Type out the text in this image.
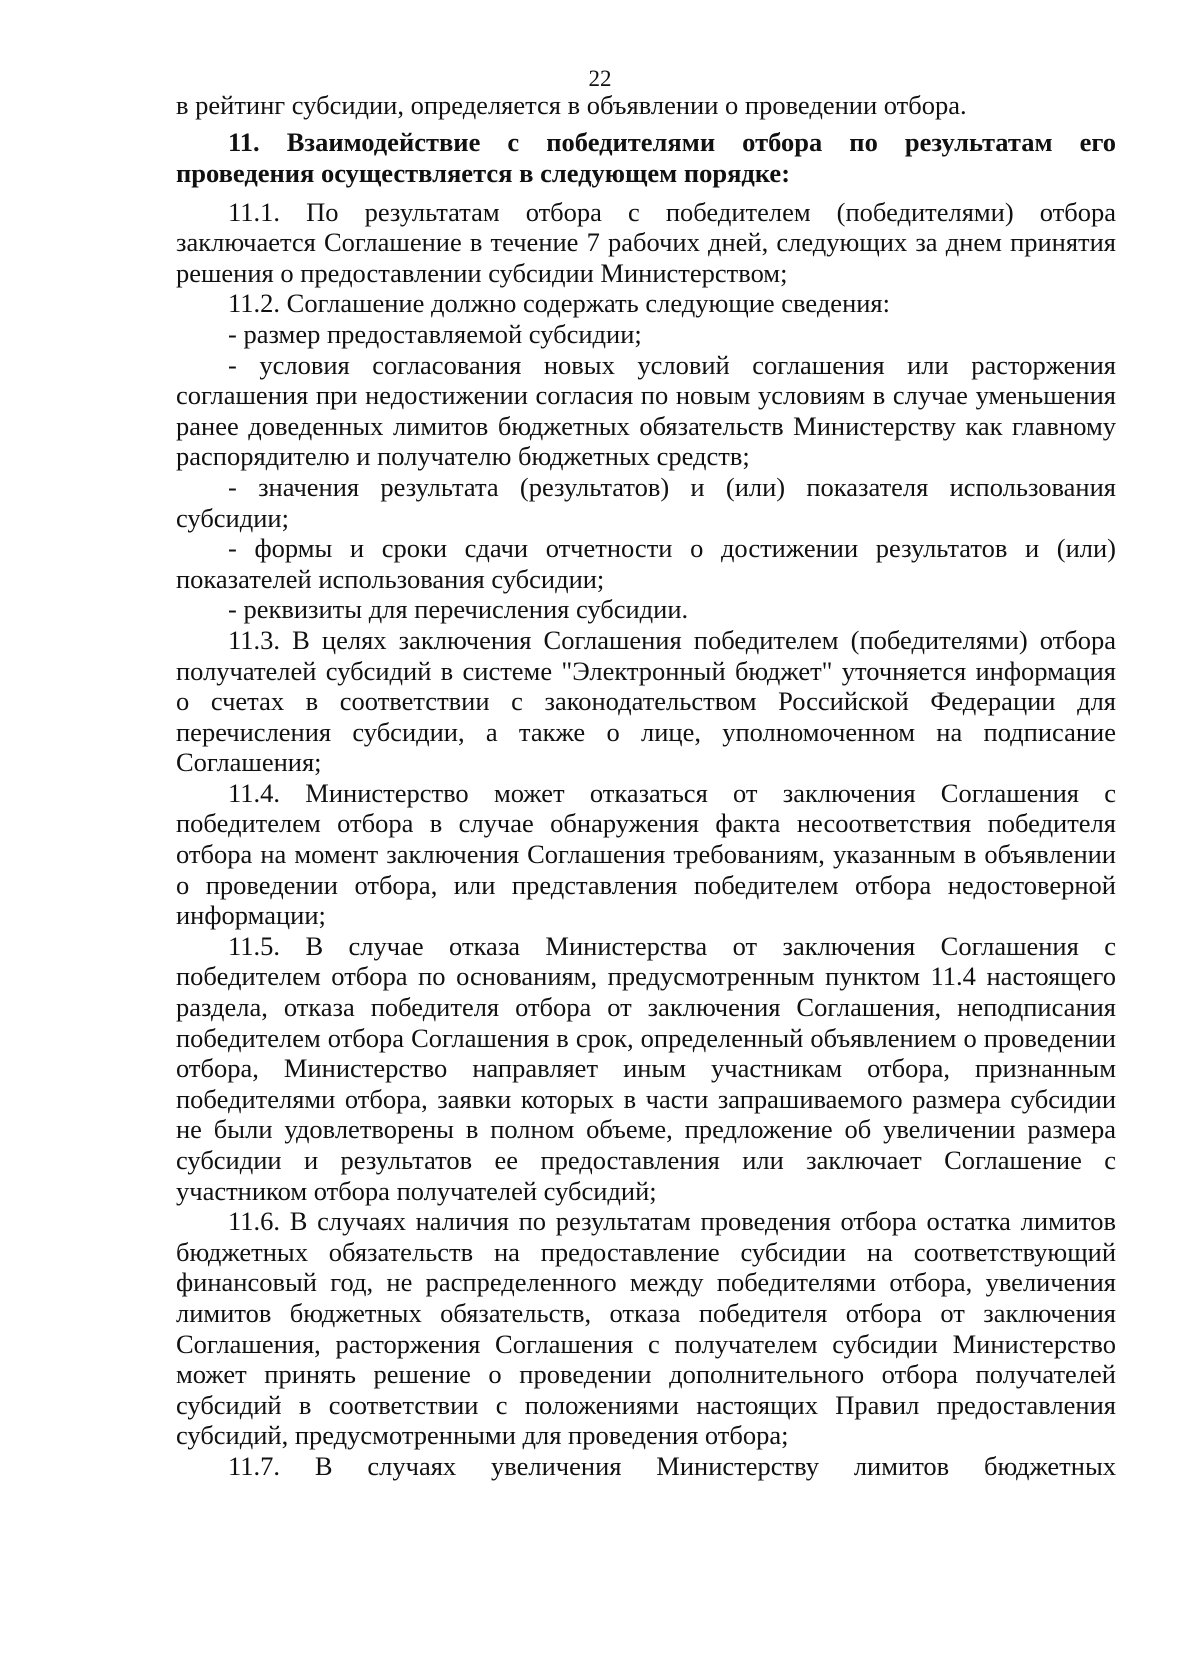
22

в рейтинг субсидии, определяется в объявлении о проведении отбора.

11. Взаимодействие с победителями отбора по результатам его проведения осуществляется в следующем порядке:

11.1. По результатам отбора с победителем (победителями) отбора заключается Соглашение в течение 7 рабочих дней, следующих за днем принятия решения о предоставлении субсидии Министерством;

11.2. Соглашение должно содержать следующие сведения:

- размер предоставляемой субсидии;

- условия согласования новых условий соглашения или расторжения соглашения при недостижении согласия по новым условиям в случае уменьшения ранее доведенных лимитов бюджетных обязательств Министерству как главному распорядителю и получателю бюджетных средств;

- значения результата (результатов) и (или) показателя использования субсидии;

- формы и сроки сдачи отчетности о достижении результатов и (или) показателей использования субсидии;

- реквизиты для перечисления субсидии.

11.3. В целях заключения Соглашения победителем (победителями) отбора получателей субсидий в системе "Электронный бюджет" уточняется информация о счетах в соответствии с законодательством Российской Федерации для перечисления субсидии, а также о лице, уполномоченном на подписание Соглашения;

11.4. Министерство может отказаться от заключения Соглашения с победителем отбора в случае обнаружения факта несоответствия победителя отбора на момент заключения Соглашения требованиям, указанным в объявлении о проведении отбора, или представления победителем отбора недостоверной информации;

11.5. В случае отказа Министерства от заключения Соглашения с победителем отбора по основаниям, предусмотренным пунктом 11.4 настоящего раздела, отказа победителя отбора от заключения Соглашения, неподписания победителем отбора Соглашения в срок, определенный объявлением о проведении отбора, Министерство направляет иным участникам отбора, признанным победителями отбора, заявки которых в части запрашиваемого размера субсидии не были удовлетворены в полном объеме, предложение об увеличении размера субсидии и результатов ее предоставления или заключает Соглашение с участником отбора получателей субсидий;

11.6. В случаях наличия по результатам проведения отбора остатка лимитов бюджетных обязательств на предоставление субсидии на соответствующий финансовый год, не распределенного между победителями отбора, увеличения лимитов бюджетных обязательств, отказа победителя отбора от заключения Соглашения, расторжения Соглашения с получателем субсидии Министерство может принять решение о проведении дополнительного отбора получателей субсидий в соответствии с положениями настоящих Правил предоставления субсидий, предусмотренными для проведения отбора;

11.7. В случаях увеличения Министерству лимитов бюджетных
